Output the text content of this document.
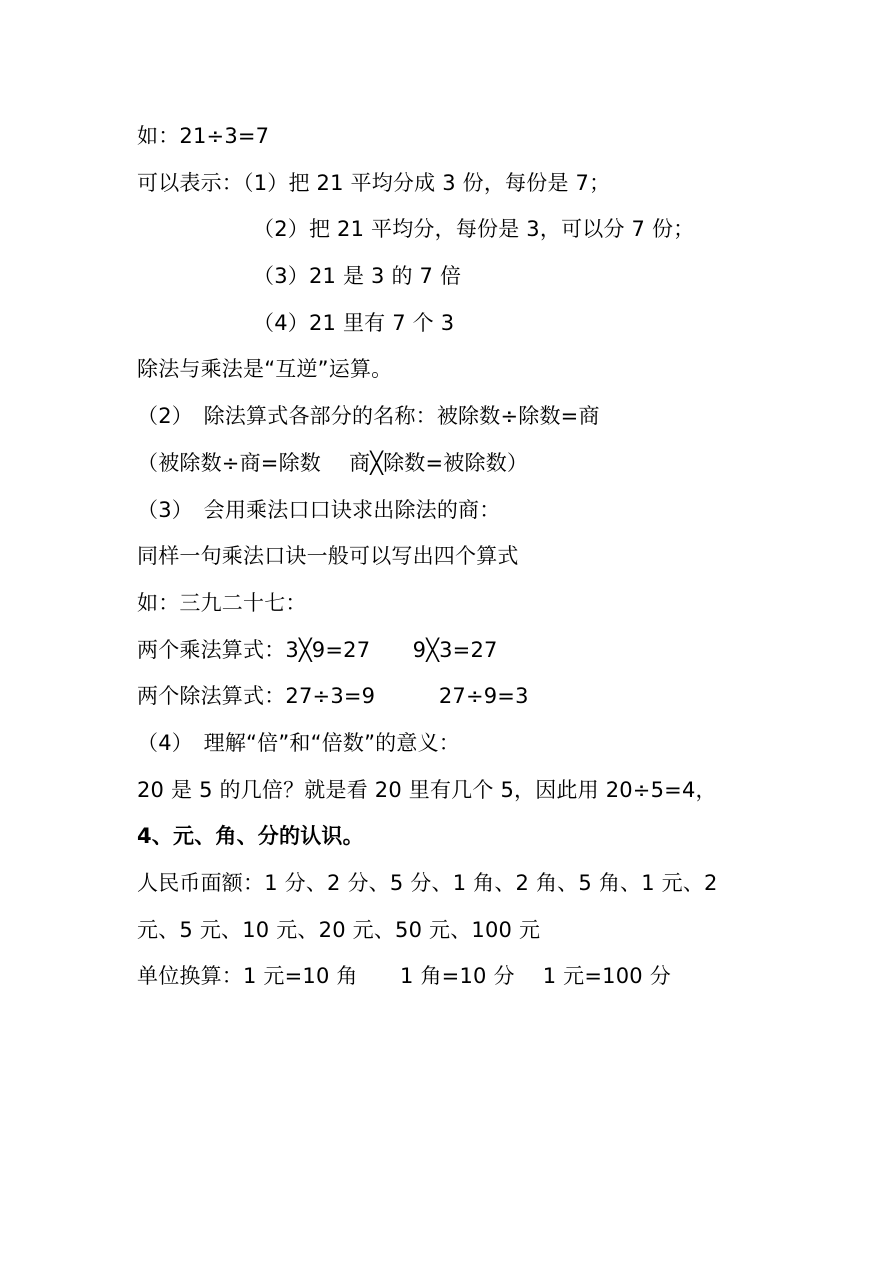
如：21÷3=7
可以表示：（1）把 21 平均分成 3 份，每份是 7；
（2）把 21 平均分，每份是 3，可以分 7 份；
（3）21 是 3 的 7 倍
（4）21 里有 7 个 3
除法与乘法是“互逆”运算。
（2）　除法算式各部分的名称：被除数÷除数=商
（被除数÷商=除数　 商╳除数=被除数）
（3）　会用乘法口口诀求出除法的商：
同样一句乘法口诀一般可以写出四个算式
如：三九二十七：
两个乘法算式：3╳9=27　　9╳3=27
两个除法算式：27÷3=9　　　27÷9=3
（4）　理解“倍”和“倍数”的意义：
20 是 5 的几倍？就是看 20 里有几个 5，因此用 20÷5=4，
4、元、角、分的认识。
人民币面额：1 分、2 分、5 分、1 角、2 角、5 角、1 元、2
元、5 元、10 元、20 元、50 元、100 元
单位换算：1 元=10 角　　1 角=10 分　 1 元=100 分
